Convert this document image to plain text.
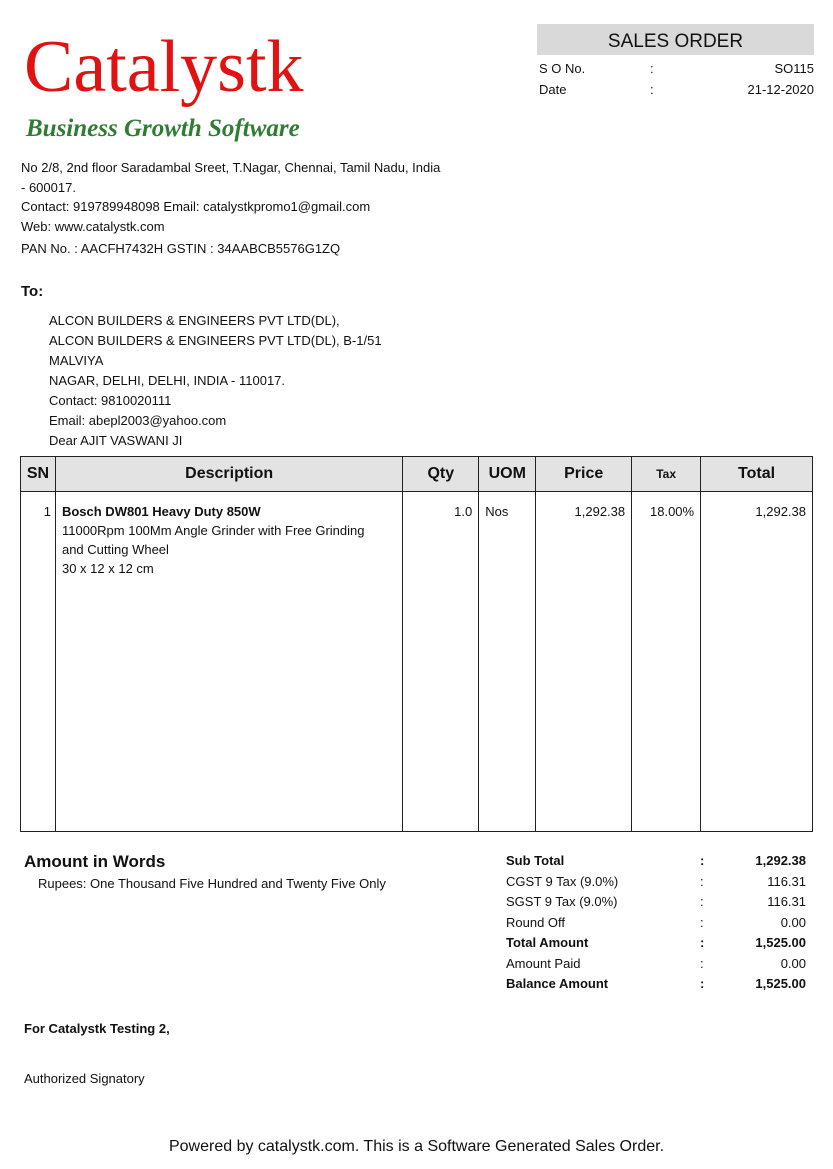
Catalystk
Business Growth Software
No 2/8, 2nd floor Saradambal Sreet, T.Nagar, Chennai, Tamil Nadu, India
- 600017.
Contact: 919789948098 Email: catalystkpromo1@gmail.com
Web: www.catalystk.com
PAN No. : AACFH7432H GSTIN : 34AABCB5576G1ZQ
SALES ORDER
S O No.	:	SO115
Date	:	21-12-2020
To:
ALCON BUILDERS & ENGINEERS PVT LTD(DL),
ALCON BUILDERS & ENGINEERS PVT LTD(DL), B-1/51 MALVIYA
NAGAR, DELHI, DELHI, INDIA - 110017.
Contact: 9810020111
Email: abepl2003@yahoo.com
Dear AJIT VASWANI JI
SN	Description	Qty	UOM	Price	Tax	Total
1	Bosch DW801 Heavy Duty 850W
11000Rpm 100Mm Angle Grinder with Free Grinding
and Cutting Wheel
30 x 12 x 12 cm	1.0	Nos	1,292.38	18.00%	1,292.38
Amount in Words
Rupees: One Thousand Five Hundred and Twenty Five Only
Sub Total	:	1,292.38
CGST 9 Tax (9.0%)	:	116.31
SGST 9 Tax (9.0%)	:	116.31
Round Off	:	0.00
Total Amount	:	1,525.00
Amount Paid	:	0.00
Balance Amount	:	1,525.00
For Catalystk Testing 2,
Authorized Signatory
Powered by catalystk.com. This is a Software Generated Sales Order.
